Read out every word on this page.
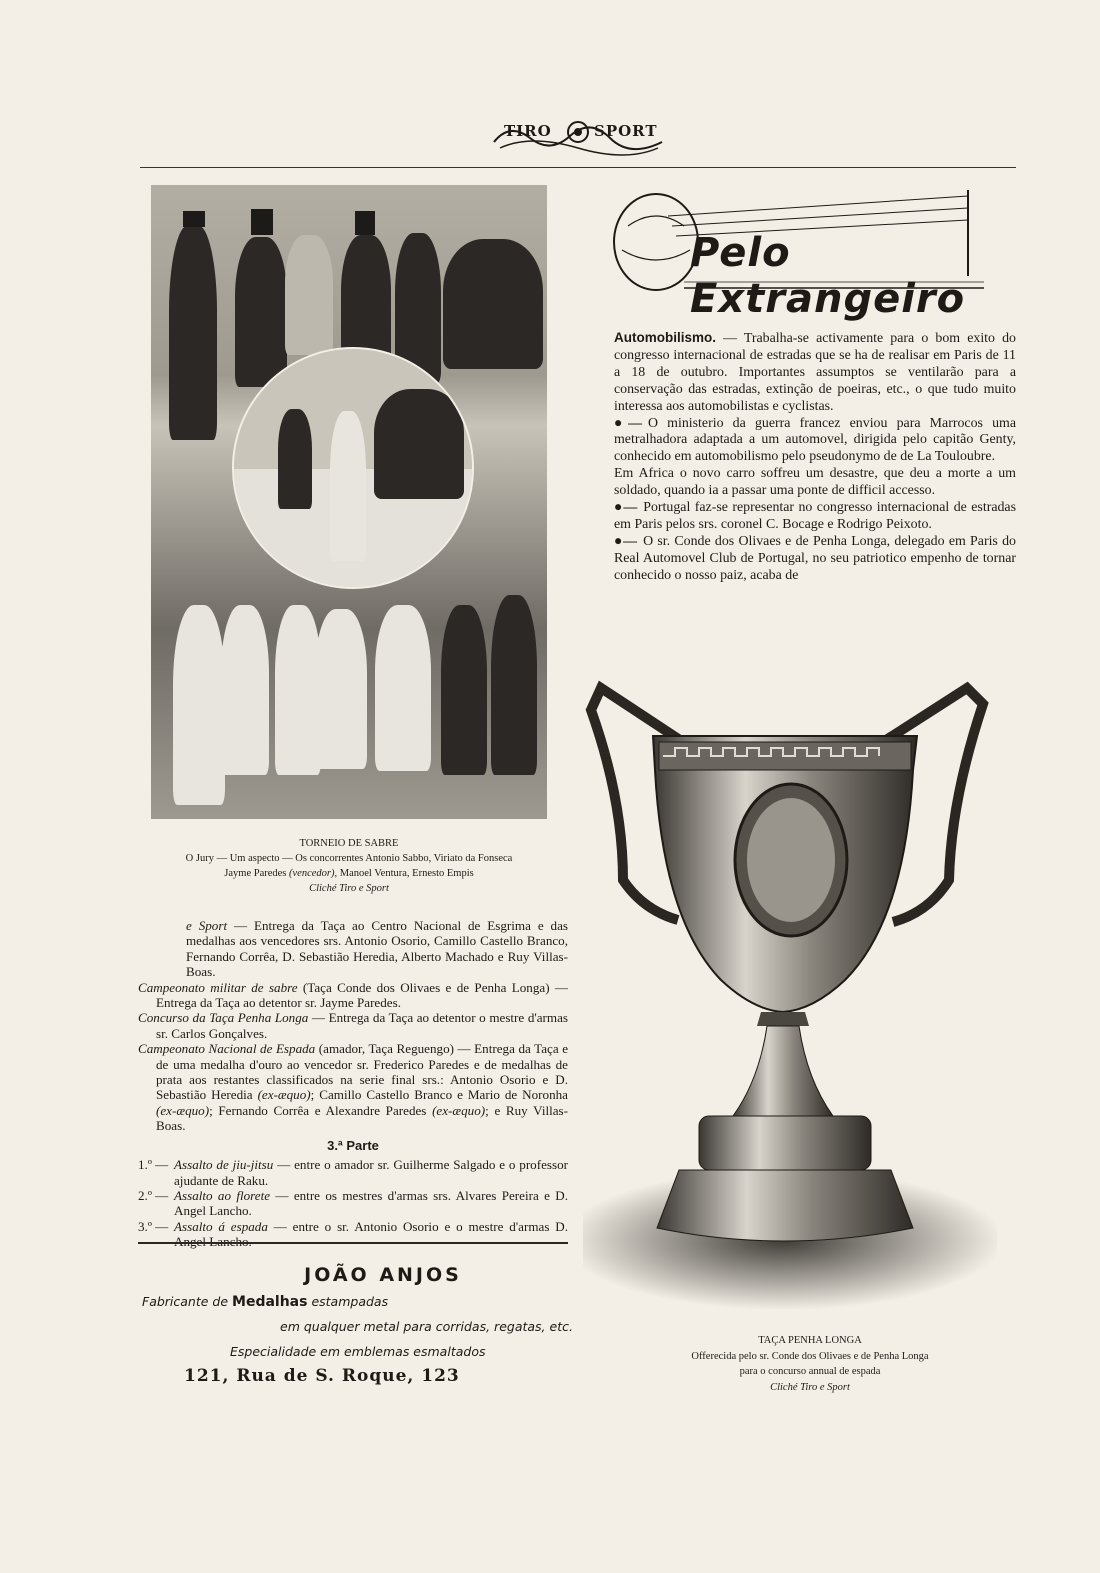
TIRO	SPORT
TORNEIO DE SABRE
O Jury — Um aspecto — Os concorrentes Antonio Sabbo, Viriato da Fonseca
Jayme Paredes (vencedor), Manoel Ventura, Ernesto Empis
Cliché Tiro e Sport

e Sport — Entrega da Taça ao Centro Nacional de Esgrima e das medalhas aos vencedores srs. Antonio Osorio, Camillo Castello Branco, Fernando Corrêa, D. Sebastião Heredia, Alberto Machado e Ruy Villas-Boas.

Campeonato militar de sabre (Taça Conde dos Olivaes e de Penha Longa) — Entrega da Taça ao detentor sr. Jayme Paredes.

Concurso da Taça Penha Longa — Entrega da Taça ao detentor o mestre d'armas sr. Carlos Gonçalves.

Campeonato Nacional de Espada (amador, Taça Reguengo) — Entrega da Taça e de uma medalha d'ouro ao vencedor sr. Frederico Paredes e de medalhas de prata aos restantes classificados na serie final srs.: Antonio Osorio e D. Sebastião Heredia (ex-æquo); Camillo Castello Branco e Mario de Noronha (ex-æquo); Fernando Corrêa e Alexandre Paredes (ex-æquo); e Ruy Villas-Boas.

3.ª Parte
1.º — Assalto de jiu-jitsu — entre o amador sr. Guilherme Salgado e o professor ajudante de Raku.
2.º — Assalto ao florete — entre os mestres d'armas srs. Alvares Pereira e D. Angel Lancho.
3.º — Assalto á espada — entre o sr. Antonio Osorio e o mestre d'armas D. Angel Lancho.
JOÃO ANJOS
Fabricante de Medalhas estampadas
em qualquer metal para corridas, regatas, etc.
Especialidade em emblemas esmaltados
121, Rua de S. Roque, 123
Pelo Extrangeiro

Automobilismo. — Trabalha-se activamente para o bom exito do congresso internacional de estradas que se ha de realisar em Paris de 11 a 18 de outubro. Importantes assumptos se ventilarão para a conservação das estradas, extinção de poeiras, etc., o que tudo muito interessa aos automobilistas e cyclistas.

●— O ministerio da guerra francez enviou para Marrocos uma metralhadora adaptada a um automovel, dirigida pelo capitão Genty, conhecido em automobilismo pelo pseudonymo de de La Touloubre.

Em Africa o novo carro soffreu um desastre, que deu a morte a um soldado, quando ia a passar uma ponte de difficil accesso.

●— Portugal faz-se representar no congresso internacional de estradas em Paris pelos srs. coronel C. Bocage e Rodrigo Peixoto.

●— O sr. Conde dos Olivaes e de Penha Longa, delegado em Paris do Real Automovel Club de Portugal, no seu patriotico empenho de tornar conhecido o nosso paiz, acaba de

TAÇA PENHA LONGA
Offerecida pelo sr. Conde dos Olivaes e de Penha Longa
para o concurso annual de espada
Cliché Tiro e Sport
